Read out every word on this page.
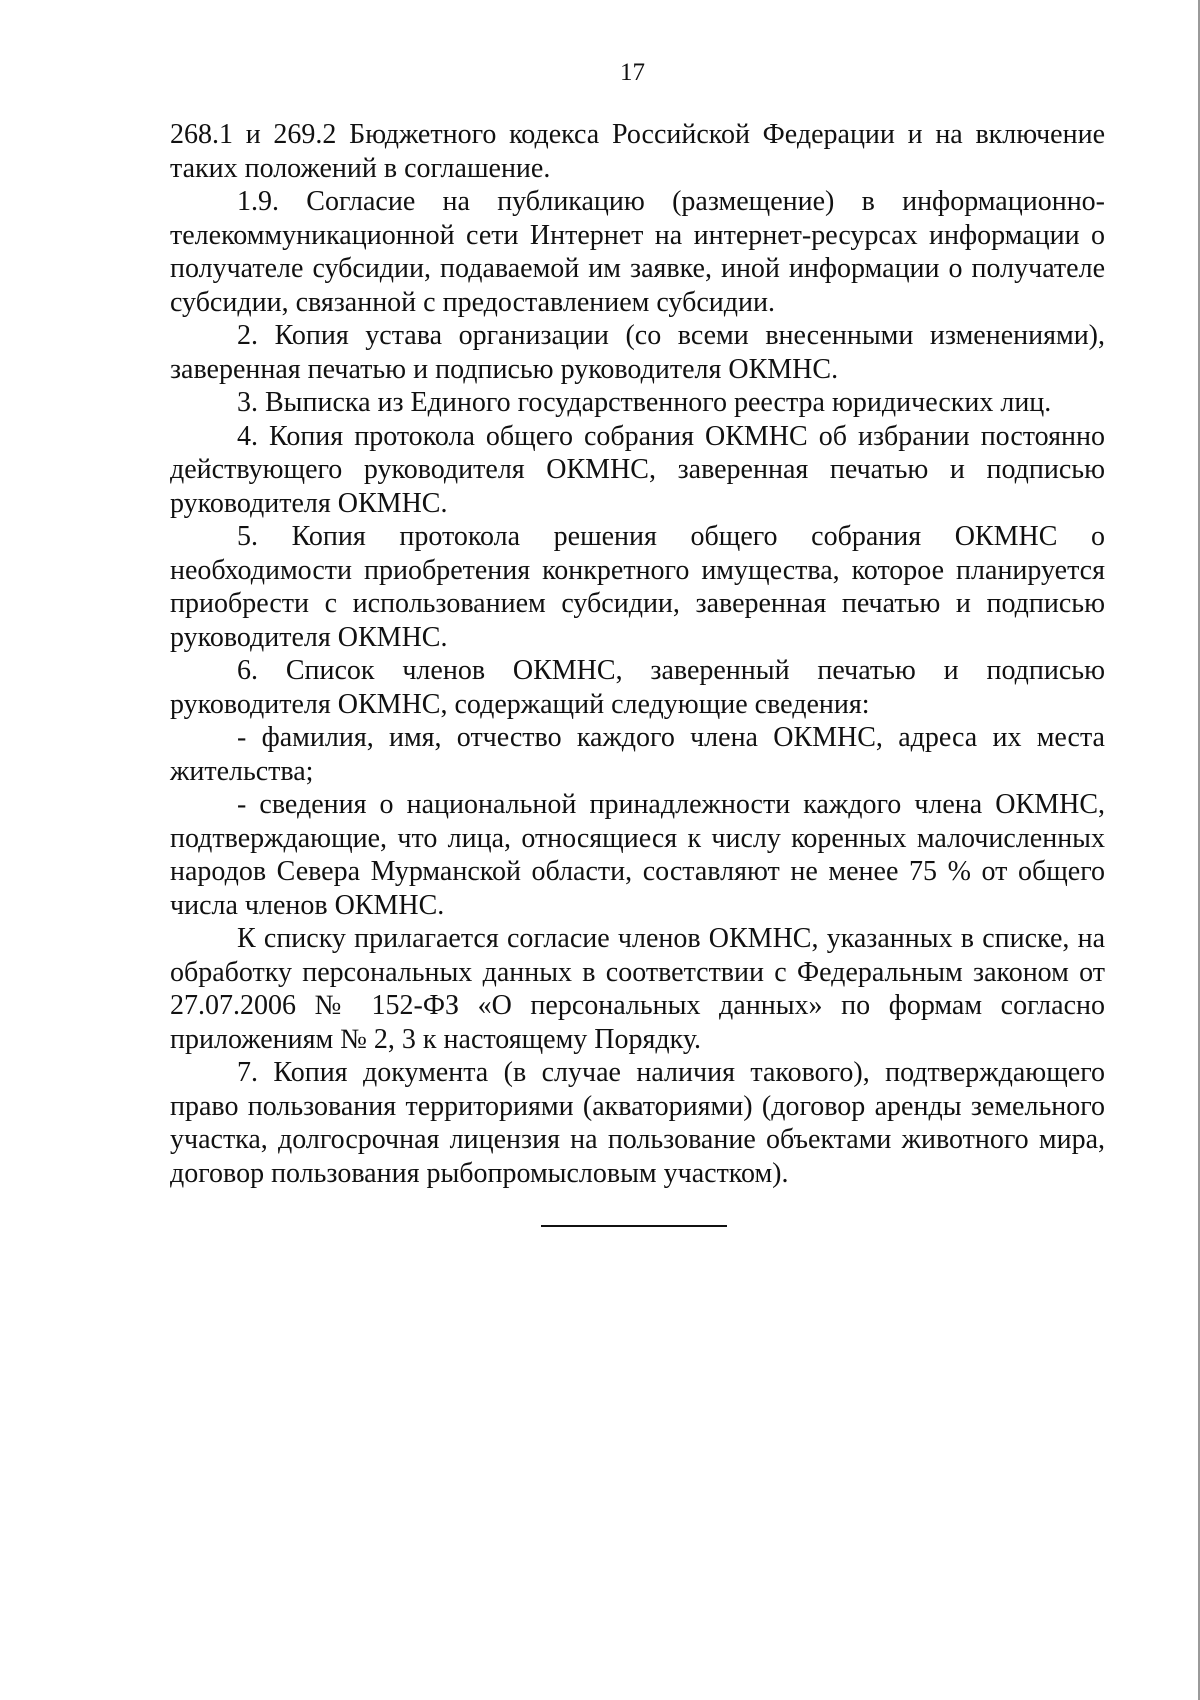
17

268.1 и 269.2 Бюджетного кодекса Российской Федерации и на включение таких положений в соглашение.

1.9. Согласие на публикацию (размещение) в информационно-телекоммуникационной сети Интернет на интернет-ресурсах информации о получателе субсидии, подаваемой им заявке, иной информации о получателе субсидии, связанной с предоставлением субсидии.

2. Копия устава организации (со всеми внесенными изменениями), заверенная печатью и подписью руководителя ОКМНС.

3. Выписка из Единого государственного реестра юридических лиц.

4. Копия протокола общего собрания ОКМНС об избрании постоянно действующего руководителя ОКМНС, заверенная печатью и подписью руководителя ОКМНС.

5. Копия протокола решения общего собрания ОКМНС о необходимости приобретения конкретного имущества, которое планируется приобрести с использованием субсидии, заверенная печатью и подписью руководителя ОКМНС.

6. Список членов ОКМНС, заверенный печатью и подписью руководителя ОКМНС, содержащий следующие сведения:

- фамилия, имя, отчество каждого члена ОКМНС, адреса их места жительства;

- сведения о национальной принадлежности каждого члена ОКМНС, подтверждающие, что лица, относящиеся к числу коренных малочисленных народов Севера Мурманской области, составляют не менее 75 % от общего числа членов ОКМНС.

К списку прилагается согласие членов ОКМНС, указанных в списке, на обработку персональных данных в соответствии с Федеральным законом от 27.07.2006 № 152-ФЗ «О персональных данных» по формам согласно приложениям № 2, 3 к настоящему Порядку.

7. Копия документа (в случае наличия такового), подтверждающего право пользования территориями (акваториями) (договор аренды земельного участка, долгосрочная лицензия на пользование объектами животного мира, договор пользования рыбопромысловым участком).
